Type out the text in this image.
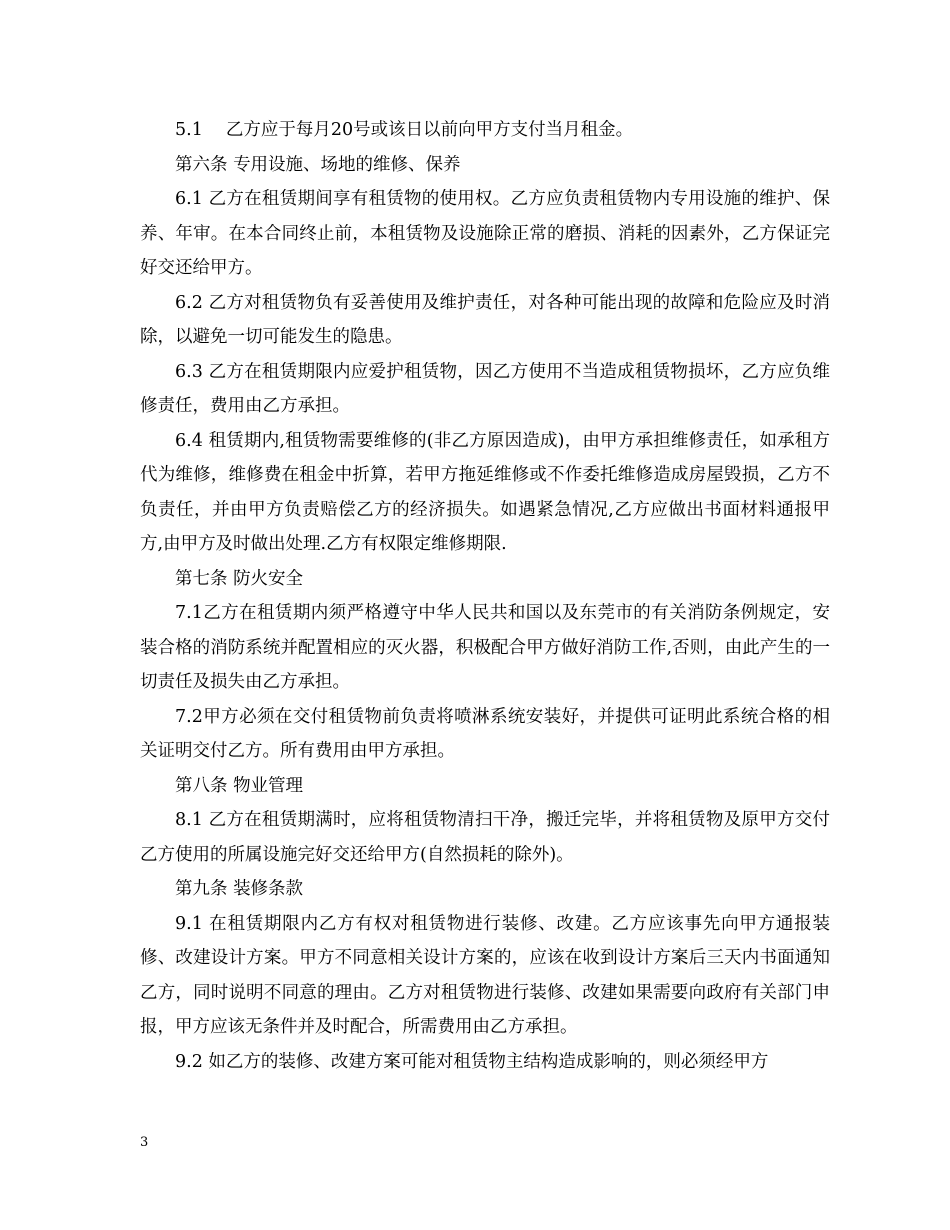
5.1　 乙方应于每月20号或该日以前向甲方支付当月租金。

第六条 专用设施、场地的维修、保养

6.1 乙方在租赁期间享有租赁物的使用权。乙方应负责租赁物内专用设施的维护、保养、年审。在本合同终止前，本租赁物及设施除正常的磨损、消耗的因素外，乙方保证完好交还给甲方。

6.2 乙方对租赁物负有妥善使用及维护责任，对各种可能出现的故障和危险应及时消除，以避免一切可能发生的隐患。

6.3 乙方在租赁期限内应爱护租赁物，因乙方使用不当造成租赁物损坏，乙方应负维修责任，费用由乙方承担。

6.4 租赁期内,租赁物需要维修的(非乙方原因造成)，由甲方承担维修责任，如承租方代为维修，维修费在租金中折算，若甲方拖延维修或不作委托维修造成房屋毁损，乙方不负责任，并由甲方负责赔偿乙方的经济损失。如遇紧急情况,乙方应做出书面材料通报甲方,由甲方及时做出处理.乙方有权限定维修期限.

第七条 防火安全

7.1乙方在租赁期内须严格遵守中华人民共和国以及东莞市的有关消防条例规定，安装合格的消防系统并配置相应的灭火器，积极配合甲方做好消防工作,否则，由此产生的一切责任及损失由乙方承担。

7.2甲方必须在交付租赁物前负责将喷淋系统安装好，并提供可证明此系统合格的相关证明交付乙方。所有费用由甲方承担。

第八条 物业管理

8.1 乙方在租赁期满时，应将租赁物清扫干净，搬迁完毕，并将租赁物及原甲方交付乙方使用的所属设施完好交还给甲方(自然损耗的除外)。

第九条 装修条款

9.1 在租赁期限内乙方有权对租赁物进行装修、改建。乙方应该事先向甲方通报装修、改建设计方案。甲方不同意相关设计方案的，应该在收到设计方案后三天内书面通知乙方，同时说明不同意的理由。乙方对租赁物进行装修、改建如果需要向政府有关部门申报，甲方应该无条件并及时配合，所需费用由乙方承担。

9.2 如乙方的装修、改建方案可能对租赁物主结构造成影响的，则必须经甲方

3
